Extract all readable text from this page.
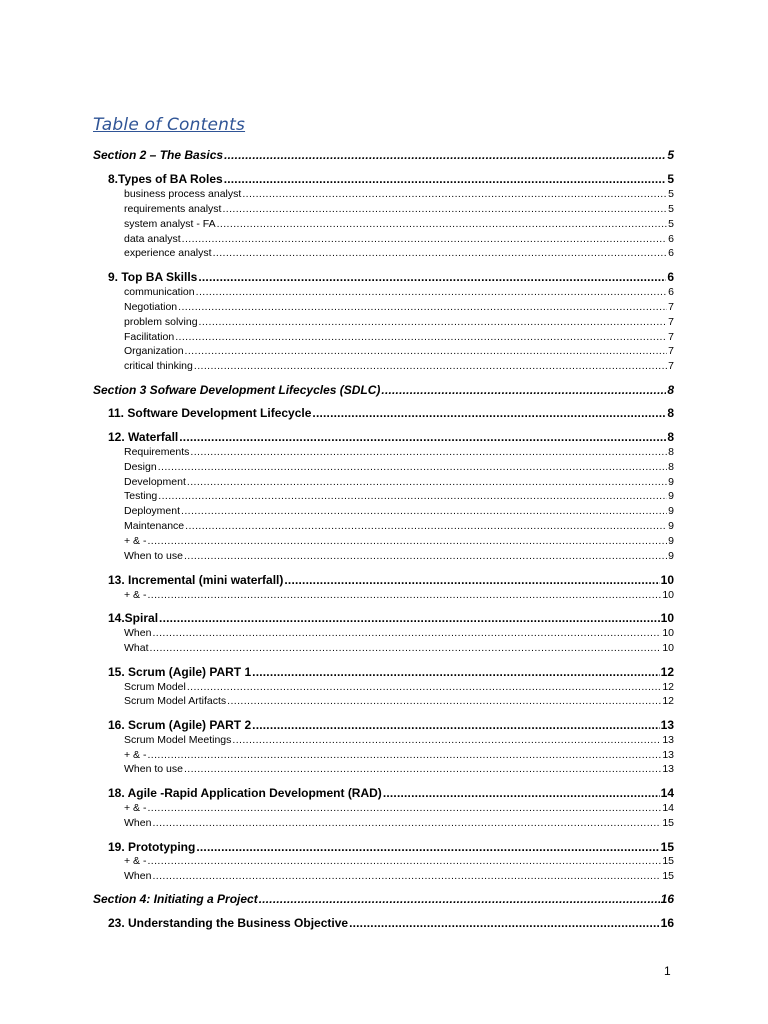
Table of Contents
Section 2 – The Basics .....	5
8.Types of BA Roles .....	5
business process analyst .....	5
requirements analyst .....	5
system analyst - FA .....	5
data analyst .....	6
experience analyst .....	6
9. Top BA Skills .....	6
communication .....	6
Negotiation .....	7
problem solving .....	7
Facilitation .....	7
Organization .....	7
critical thinking .....	7
Section 3 Sofware Development Lifecycles (SDLC) .....	8
11. Software Development Lifecycle .....	8
12. Waterfall .....	8
Requirements .....	8
Design .....	8
Development .....	9
Testing .....	9
Deployment .....	9
Maintenance .....	9
+ & - .....	9
When to use .....	9
13. Incremental (mini waterfall) .....	10
+ & - .....	10
14.Spiral .....	10
When .....	10
What .....	10
15. Scrum (Agile) PART 1 .....	12
Scrum Model .....	12
Scrum Model Artifacts .....	12
16. Scrum (Agile) PART 2 .....	13
Scrum Model Meetings .....	13
+ & - .....	13
When to use .....	13
18. Agile -Rapid Application Development (RAD) .....	14
+ & - .....	14
When .....	15
19. Prototyping .....	15
+ & - .....	15
When .....	15
Section 4: Initiating a Project .....	16
23. Understanding the Business Objective .....	16
1
